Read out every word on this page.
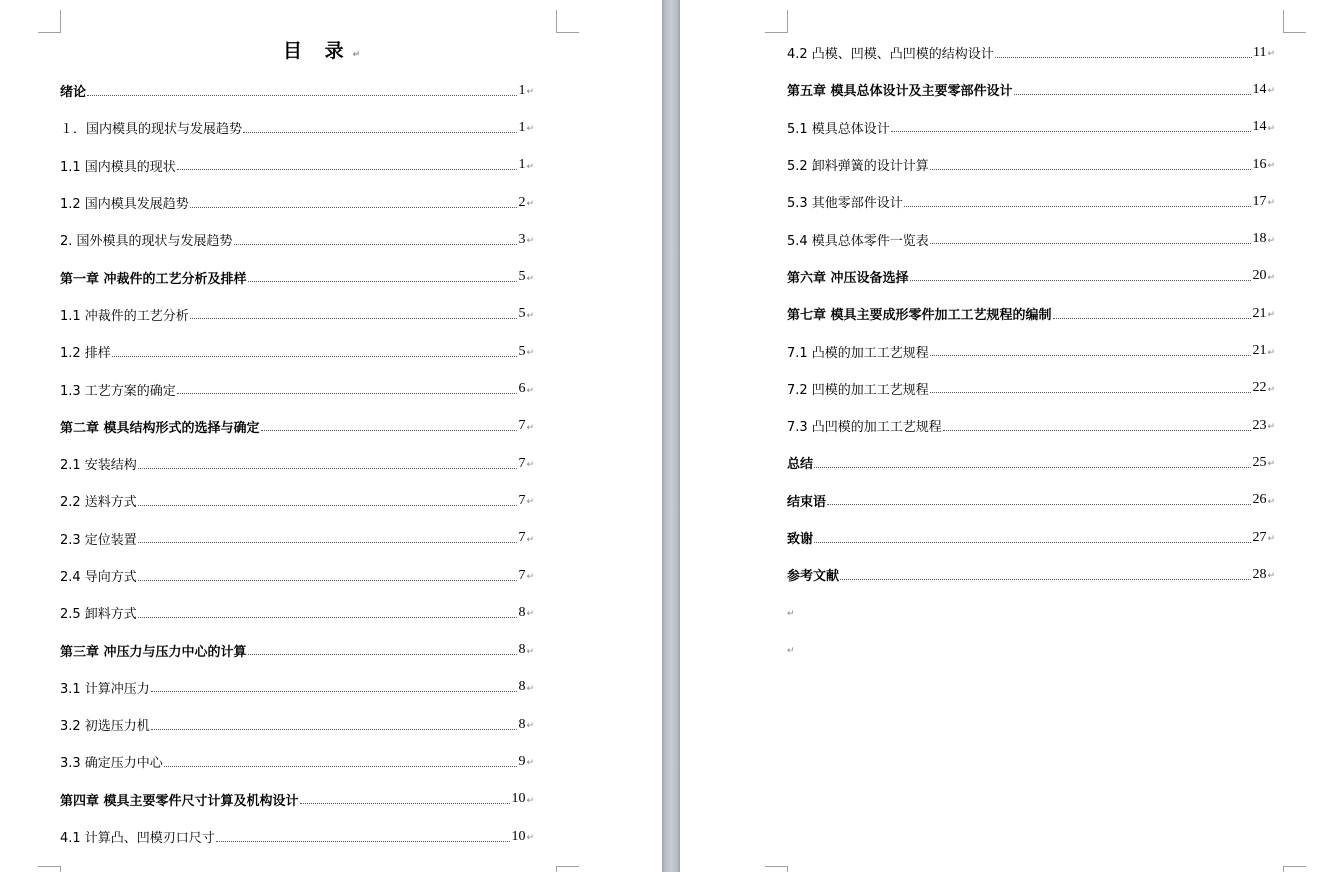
目 录↵
绪论	1 ↵
１．国内模具的现状与发展趋势	1 ↵
1.1 国内模具的现状	1 ↵
1.2 国内模具发展趋势	2 ↵
2. 国外模具的现状与发展趋势	3 ↵
第一章 冲裁件的工艺分析及排样	5 ↵
1.1 冲裁件的工艺分析	5 ↵
1.2 排样	5 ↵
1.3 工艺方案的确定	6 ↵
第二章 模具结构形式的选择与确定	7 ↵
2.1 安装结构	7 ↵
2.2 送料方式	7 ↵
2.3 定位装置	7 ↵
2.4 导向方式	7 ↵
2.5 卸料方式	8 ↵
第三章 冲压力与压力中心的计算	8 ↵
3.1 计算冲压力	8 ↵
3.2 初选压力机	8 ↵
3.3 确定压力中心	9 ↵
第四章 模具主要零件尺寸计算及机构设计	10 ↵
4.1 计算凸、凹模刃口尺寸	10 ↵
4.2 凸模、凹模、凸凹模的结构设计	11 ↵
第五章 模具总体设计及主要零部件设计	14 ↵
5.1 模具总体设计	14 ↵
5.2 卸料弹簧的设计计算	16 ↵
5.3 其他零部件设计	17 ↵
5.4 模具总体零件一览表	18 ↵
第六章 冲压设备选择	20 ↵
第七章 模具主要成形零件加工工艺规程的编制	21 ↵
7.1 凸模的加工工艺规程	21 ↵
7.2 凹模的加工工艺规程	22 ↵
7.3 凸凹模的加工工艺规程	23 ↵
总结	25 ↵
结束语	26 ↵
致谢	27 ↵
参考文献	28 ↵
↵
↵
